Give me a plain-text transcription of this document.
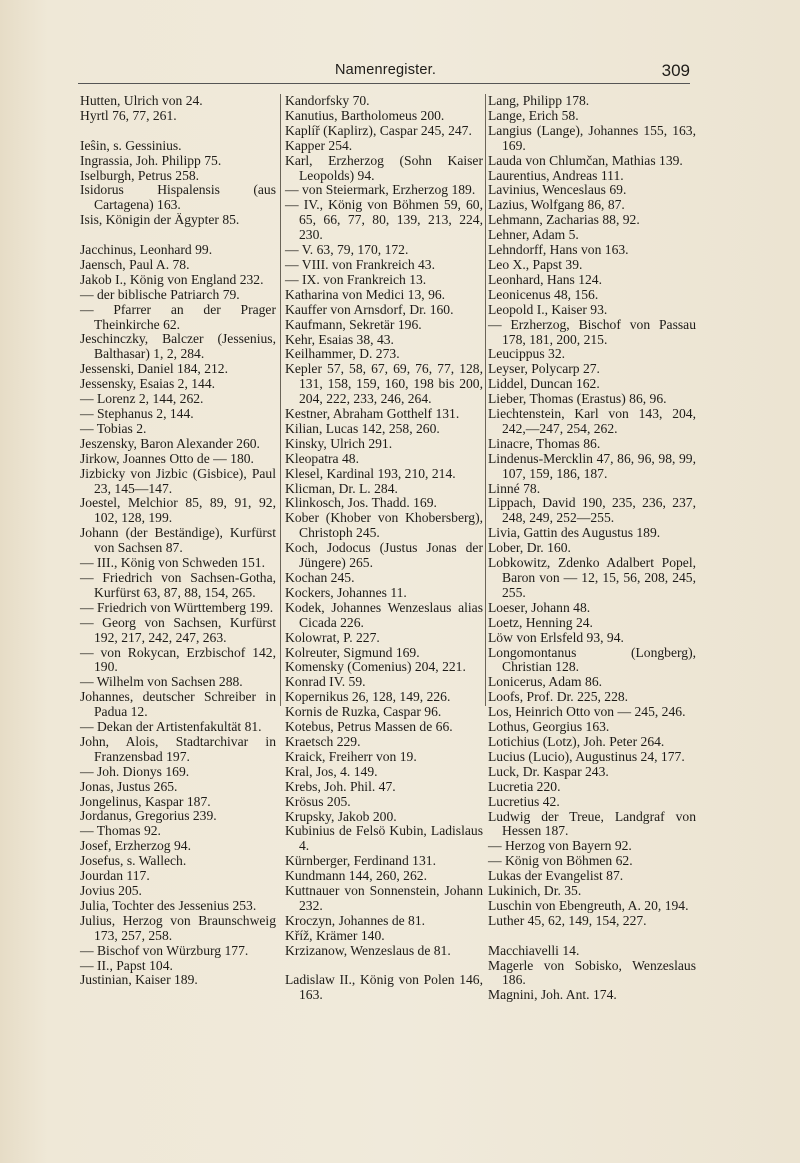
Namenregister.	309
Hutten, Ulrich von 24.
Hyrtl 76, 77, 261.
Ieŝin, s. Gessinius.
Ingrassia, Joh. Philipp 75.
Iselburgh, Petrus 258.
Isidorus Hispalensis (aus Cartagena) 163.
Isis, Königin der Ägypter 85.
Jacchinus, Leonhard 99.
Jaensch, Paul A. 78.
Jakob I., König von England 232.
— der biblische Patriarch 79.
— Pfarrer an der Prager Theinkirche 62.
Jeschinczky, Balczer (Jessenius, Balthasar) 1, 2, 284.
Jessenski, Daniel 184, 212.
Jessensky, Esaias 2, 144.
— Lorenz 2, 144, 262.
— Stephanus 2, 144.
— Tobias 2.
Jeszensky, Baron Alexander 260.
Jirkow, Joannes Otto de — 180.
Jizbicky von Jizbic (Gisbice), Paul 23, 145—147.
Joestel, Melchior 85, 89, 91, 92, 102, 128, 199.
Johann (der Beständige), Kurfürst von Sachsen 87.
— III., König von Schweden 151.
— Friedrich von Sachsen-Gotha, Kurfürst 63, 87, 88, 154, 265.
— Friedrich von Württemberg 199.
— Georg von Sachsen, Kurfürst 192, 217, 242, 247, 263.
— von Rokycan, Erzbischof 142, 190.
— Wilhelm von Sachsen 288.
Johannes, deutscher Schreiber in Padua 12.
— Dekan der Artistenfakultät 81.
John, Alois, Stadtarchivar in Franzensbad 197.
— Joh. Dionys 169.
Jonas, Justus 265.
Jongelinus, Kaspar 187.
Jordanus, Gregorius 239.
— Thomas 92.
Josef, Erzherzog 94.
Josefus, s. Wallech.
Jourdan 117.
Jovius 205.
Julia, Tochter des Jessenius 253.
Julius, Herzog von Braunschweig 173, 257, 258.
— Bischof von Würzburg 177.
— II., Papst 104.
Justinian, Kaiser 189.
Kandorfsky 70.
Kanutius, Bartholomeus 200.
Kaplíř (Kaplirz), Caspar 245, 247.
Kapper 254.
Karl, Erzherzog (Sohn Kaiser Leopolds) 94.
— von Steiermark, Erzherzog 189.
— IV., König von Böhmen 59, 60, 65, 66, 77, 80, 139, 213, 224, 230.
— V. 63, 79, 170, 172.
— VIII. von Frankreich 43.
— IX. von Frankreich 13.
Katharina von Medici 13, 96.
Kauffer von Arnsdorf, Dr. 160.
Kaufmann, Sekretär 196.
Kehr, Esaias 38, 43.
Keilhammer, D. 273.
Kepler 57, 58, 67, 69, 76, 77, 128, 131, 158, 159, 160, 198 bis 200, 204, 222, 233, 246, 264.
Kestner, Abraham Gotthelf 131.
Kilian, Lucas 142, 258, 260.
Kinsky, Ulrich 291.
Kleopatra 48.
Klesel, Kardinal 193, 210, 214.
Klicman, Dr. L. 284.
Klinkosch, Jos. Thadd. 169.
Kober (Khober von Khobersberg), Christoph 245.
Koch, Jodocus (Justus Jonas der Jüngere) 265.
Kochan 245.
Kockers, Johannes 11.
Kodek, Johannes Wenzeslaus alias Cicada 226.
Kolowrat, P. 227.
Kolreuter, Sigmund 169.
Komensky (Comenius) 204, 221.
Konrad IV. 59.
Kopernikus 26, 128, 149, 226.
Kornis de Ruzka, Caspar 96.
Kotebus, Petrus Massen de 66.
Kraetsch 229.
Kraick, Freiherr von 19.
Kral, Jos, 4. 149.
Krebs, Joh. Phil. 47.
Krösus 205.
Krupsky, Jakob 200.
Kubinius de Felsö Kubin, Ladislaus 4.
Kürnberger, Ferdinand 131.
Kundmann 144, 260, 262.
Kuttnauer von Sonnenstein, Johann 232.
Kroczyn, Johannes de 81.
Kříž, Krämer 140.
Krzizanow, Wenzeslaus de 81.
Ladislaw II., König von Polen 146, 163.
Lang, Philipp 178.
Lange, Erich 58.
Langius (Lange), Johannes 155, 163, 169.
Lauda von Chlumčan, Mathias 139.
Laurentius, Andreas 111.
Lavinius, Wenceslaus 69.
Lazius, Wolfgang 86, 87.
Lehmann, Zacharias 88, 92.
Lehner, Adam 5.
Lehndorff, Hans von 163.
Leo X., Papst 39.
Leonhard, Hans 124.
Leonicenus 48, 156.
Leopold I., Kaiser 93.
— Erzherzog, Bischof von Passau 178, 181, 200, 215.
Leucippus 32.
Leyser, Polycarp 27.
Liddel, Duncan 162.
Lieber, Thomas (Erastus) 86, 96.
Liechtenstein, Karl von 143, 204, 242,—247, 254, 262.
Linacre, Thomas 86.
Lindenus-Mercklin 47, 86, 96, 98, 99, 107, 159, 186, 187.
Linné 78.
Lippach, David 190, 235, 236, 237, 248, 249, 252—255.
Livia, Gattin des Augustus 189.
Lober, Dr. 160.
Lobkowitz, Zdenko Adalbert Popel, Baron von — 12, 15, 56, 208, 245, 255.
Loeser, Johann 48.
Loetz, Henning 24.
Löw von Erlsfeld 93, 94.
Longomontanus (Longberg), Christian 128.
Lonicerus, Adam 86.
Loofs, Prof. Dr. 225, 228.
Los, Heinrich Otto von — 245, 246.
Lothus, Georgius 163.
Lotichius (Lotz), Joh. Peter 264.
Lucius (Lucio), Augustinus 24, 177.
Luck, Dr. Kaspar 243.
Lucretia 220.
Lucretius 42.
Ludwig der Treue, Landgraf von Hessen 187.
— Herzog von Bayern 92.
— König von Böhmen 62.
Lukas der Evangelist 87.
Lukinich, Dr. 35.
Luschin von Ebengreuth, A. 20, 194.
Luther 45, 62, 149, 154, 227.
Macchiavelli 14.
Magerle von Sobisko, Wenzeslaus 186.
Magnini, Joh. Ant. 174.
